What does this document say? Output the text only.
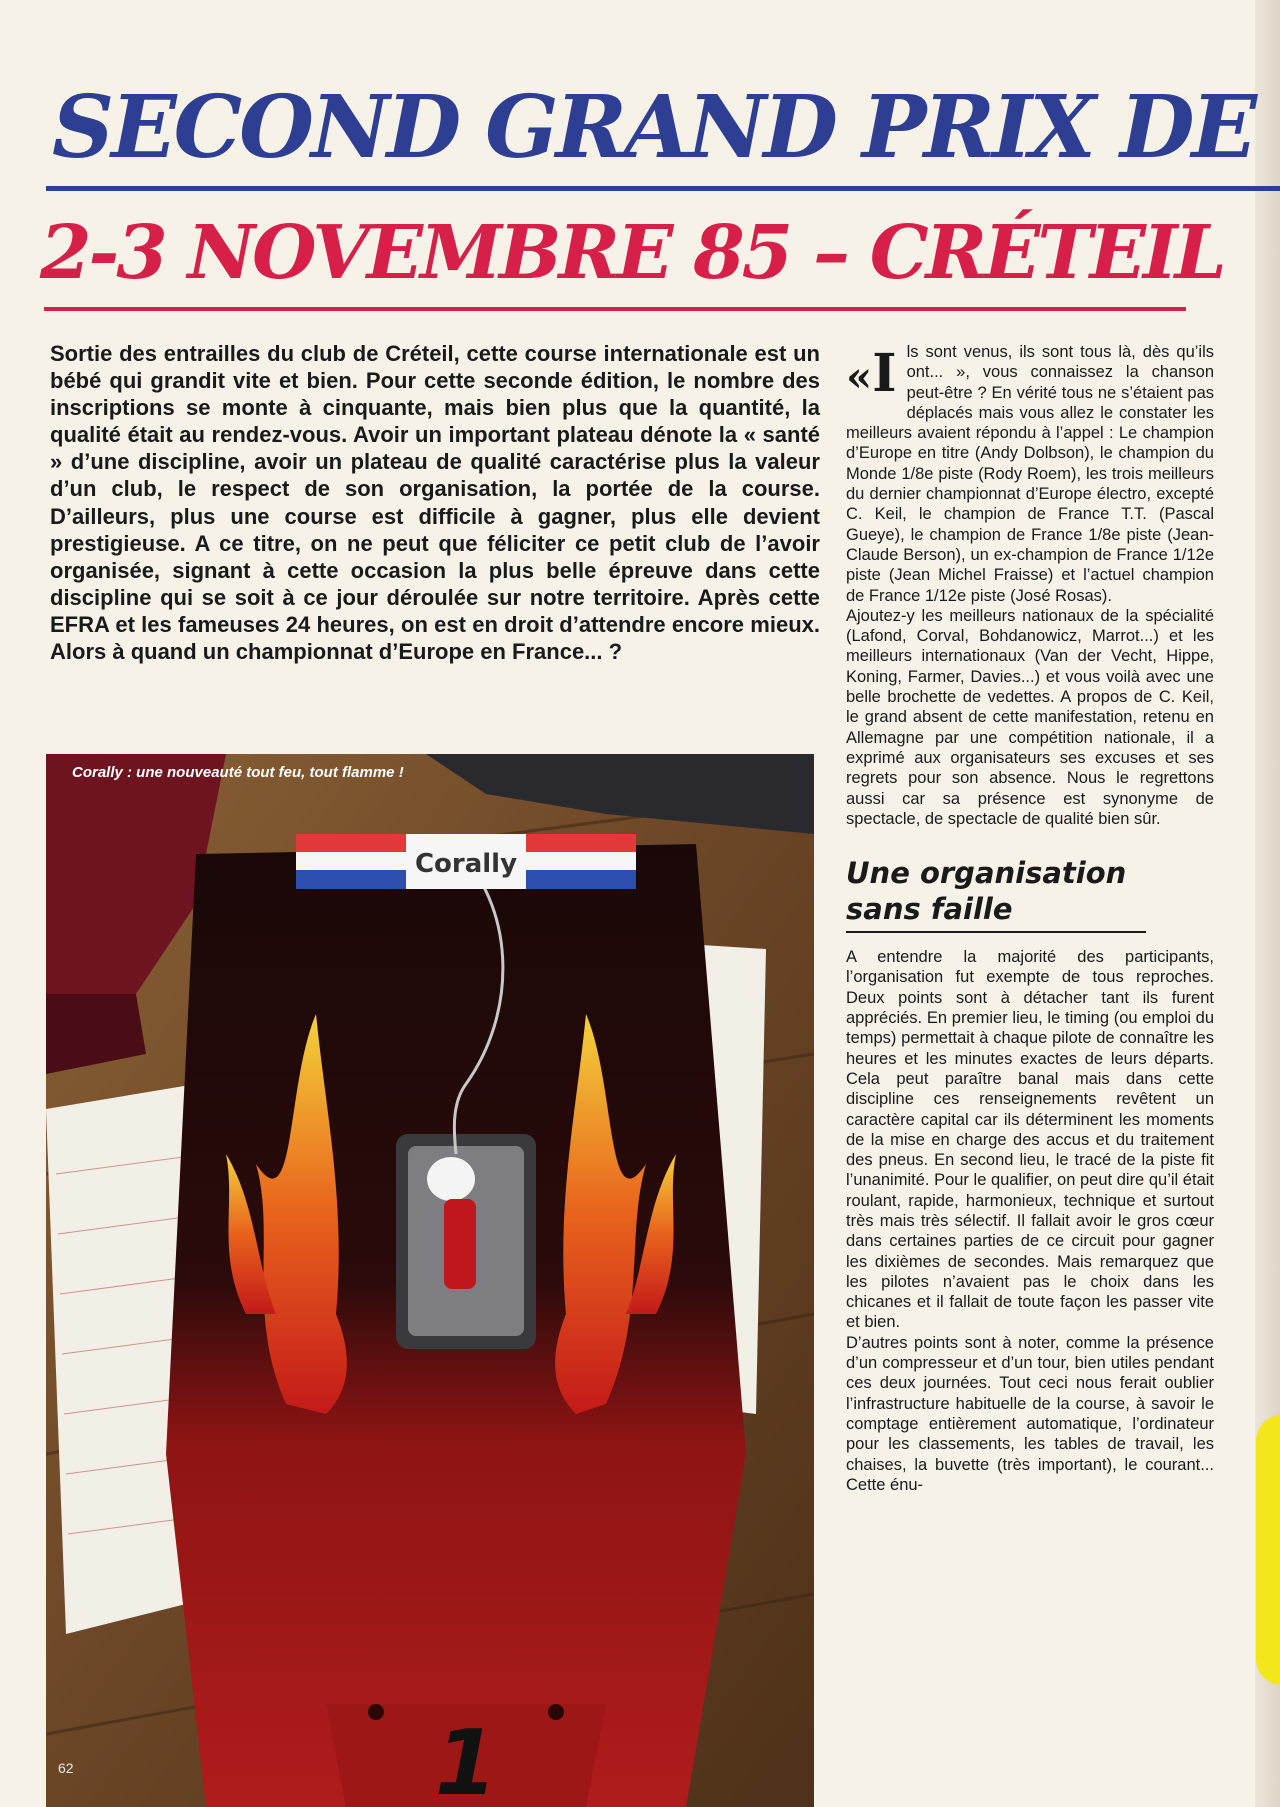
SECOND GRAND PRIX DE
2-3 NOVEMBRE 85 – CRÉTEIL

Sortie des entrailles du club de Créteil, cette course internationale est un bébé qui grandit vite et bien. Pour cette seconde édition, le nombre des inscriptions se monte à cinquante, mais bien plus que la quantité, la qualité était au rendez-vous. Avoir un important plateau dénote la « santé » d’une discipline, avoir un plateau de qualité caractérise plus la valeur d’un club, le respect de son organisation, la portée de la course. D’ailleurs, plus une course est difficile à gagner, plus elle devient prestigieuse. A ce titre, on ne peut que féliciter ce petit club de l’avoir organisée, signant à cette occasion la plus belle épreuve dans cette discipline qui se soit à ce jour déroulée sur notre territoire. Après cette EFRA et les fameuses 24 heures, on est en droit d’attendre encore mieux. Alors à quand un championnat d’Europe en France... ?

Corally
1
Corally : une nouveauté tout feu, tout flamme !
62
« I ls sont venus, ils sont tous là, dès qu’ils ont... », vous connaissez la chanson peut-être ? En vérité tous ne s’étaient pas déplacés mais vous allez le constater les meilleurs avaient répondu à l’appel : Le champion d’Europe en titre (Andy Dolbson), le champion du Monde 1/8e piste (Rody Roem), les trois meilleurs du dernier championnat d’Europe électro, excepté C. Keil, le champion de France T.T. (Pascal Gueye), le champion de France 1/8e piste (Jean-Claude Berson), un ex-champion de France 1/12e piste (Jean Michel Fraisse) et l’actuel champion de France 1/12e piste (José Rosas).

Ajoutez-y les meilleurs nationaux de la spécialité (Lafond, Corval, Bohdanowicz, Marrot...) et les meilleurs internationaux (Van der Vecht, Hippe, Koning, Farmer, Davies...) et vous voilà avec une belle brochette de vedettes. A propos de C. Keil, le grand absent de cette manifestation, retenu en Allemagne par une compétition nationale, il a exprimé aux organisateurs ses excuses et ses regrets pour son absence. Nous le regrettons aussi car sa présence est synonyme de spectacle, de spectacle de qualité bien sûr.

Une organisation sans faille

A entendre la majorité des participants, l’organisation fut exempte de tous reproches. Deux points sont à détacher tant ils furent appréciés. En premier lieu, le timing (ou emploi du temps) permettait à chaque pilote de connaître les heures et les minutes exactes de leurs départs. Cela peut paraître banal mais dans cette discipline ces renseignements revêtent un caractère capital car ils déterminent les moments de la mise en charge des accus et du traitement des pneus. En second lieu, le tracé de la piste fit l’unanimité. Pour le qualifier, on peut dire qu’il était roulant, rapide, harmonieux, technique et surtout très mais très sélectif. Il fallait avoir le gros cœur dans certaines parties de ce circuit pour gagner les dixièmes de secondes. Mais remarquez que les pilotes n’avaient pas le choix dans les chicanes et il fallait de toute façon les passer vite et bien.

D’autres points sont à noter, comme la présence d’un compresseur et d’un tour, bien utiles pendant ces deux journées. Tout ceci nous ferait oublier l’infrastructure habituelle de la course, à savoir le comptage entièrement automatique, l’ordinateur pour les classements, les tables de travail, les chaises, la buvette (très important), le courant... Cette énu-
